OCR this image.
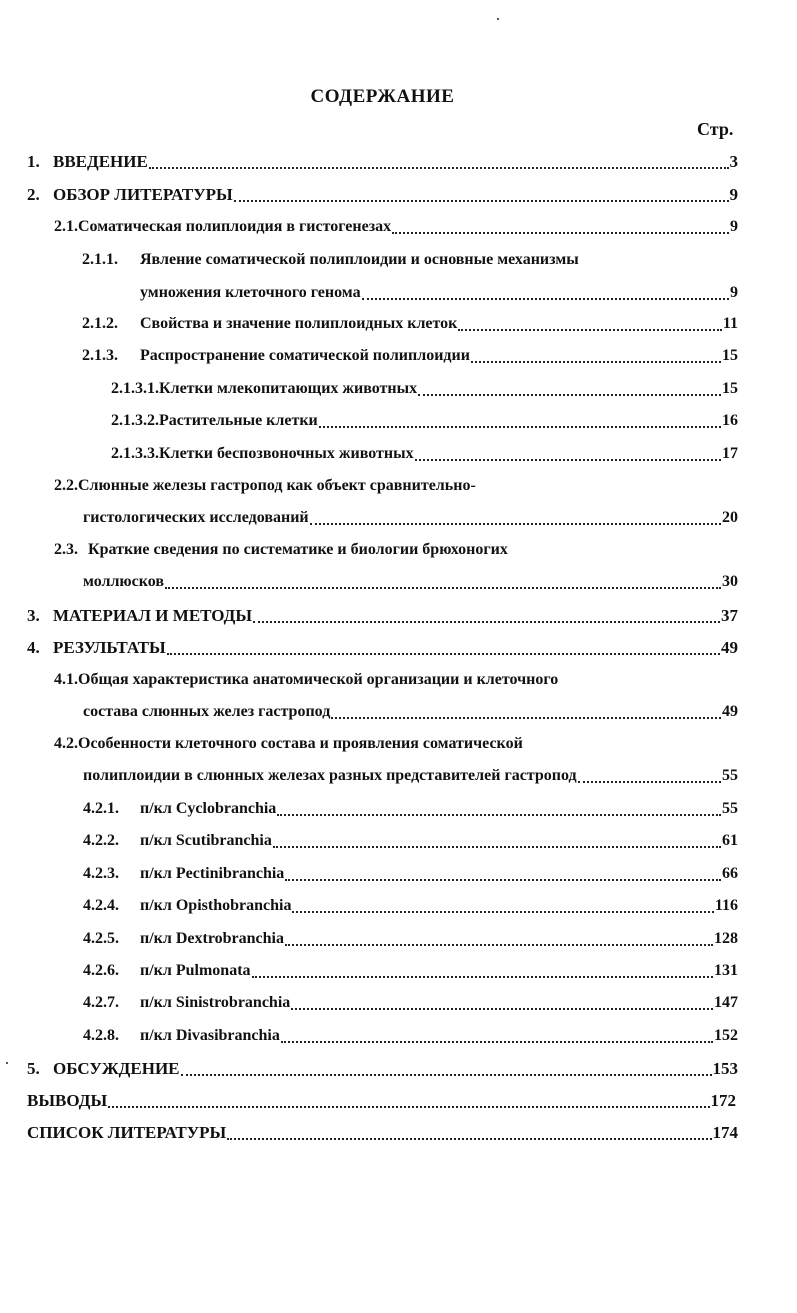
СОДЕРЖАНИЕ
Стр.
1. ВВЕДЕНИЕ	3
2. ОБЗОР ЛИТЕРАТУРЫ	9
2.1. Соматическая полиплоидия в гистогенезах	9
2.1.1. Явление соматической полиплоидии и основные механизмы
умножения клеточного генома	9
2.1.2.	Свойства и значение полиплоидных клеток	11
2.1.3.	Распространение соматической полиплоидии	15
2.1.3.1. Клетки млекопитающих животных	15
2.1.3.2. Растительные клетки	16
2.1.3.3. Клетки беспозвоночных животных	17
2.2.Слюнные железы гастропод как объект сравнительно-
гистологических исследований	20
2.3. Краткие сведения по систематике и биологии брюхоногих
моллюсков	30
3. МАТЕРИАЛ И МЕТОДЫ	37
4. РЕЗУЛЬТАТЫ	49
4.1.Общая характеристика анатомической организации и клеточного
состава слюнных желез гастропод	49
4.2.Особенности клеточного состава и проявления соматической
полиплоидии в слюнных железах разных представителей гастропод	55
4.2.1.	п/кл Cyclobranchia	55
4.2.2.	п/кл Scutibranchia	61
4.2.3.	п/кл Pectinibranchia	66
4.2.4.	п/кл Opisthobranchia	116
4.2.5.	п/кл Dextrobranchia	128
4.2.6.	п/кл Pulmonata	131
4.2.7.	п/кл Sinistrobranchia	147
4.2.8.	п/кл Divasibranchia	152
5. ОБСУЖДЕНИЕ	153
ВЫВОДЫ	172
СПИСОК ЛИТЕРАТУРЫ	174
